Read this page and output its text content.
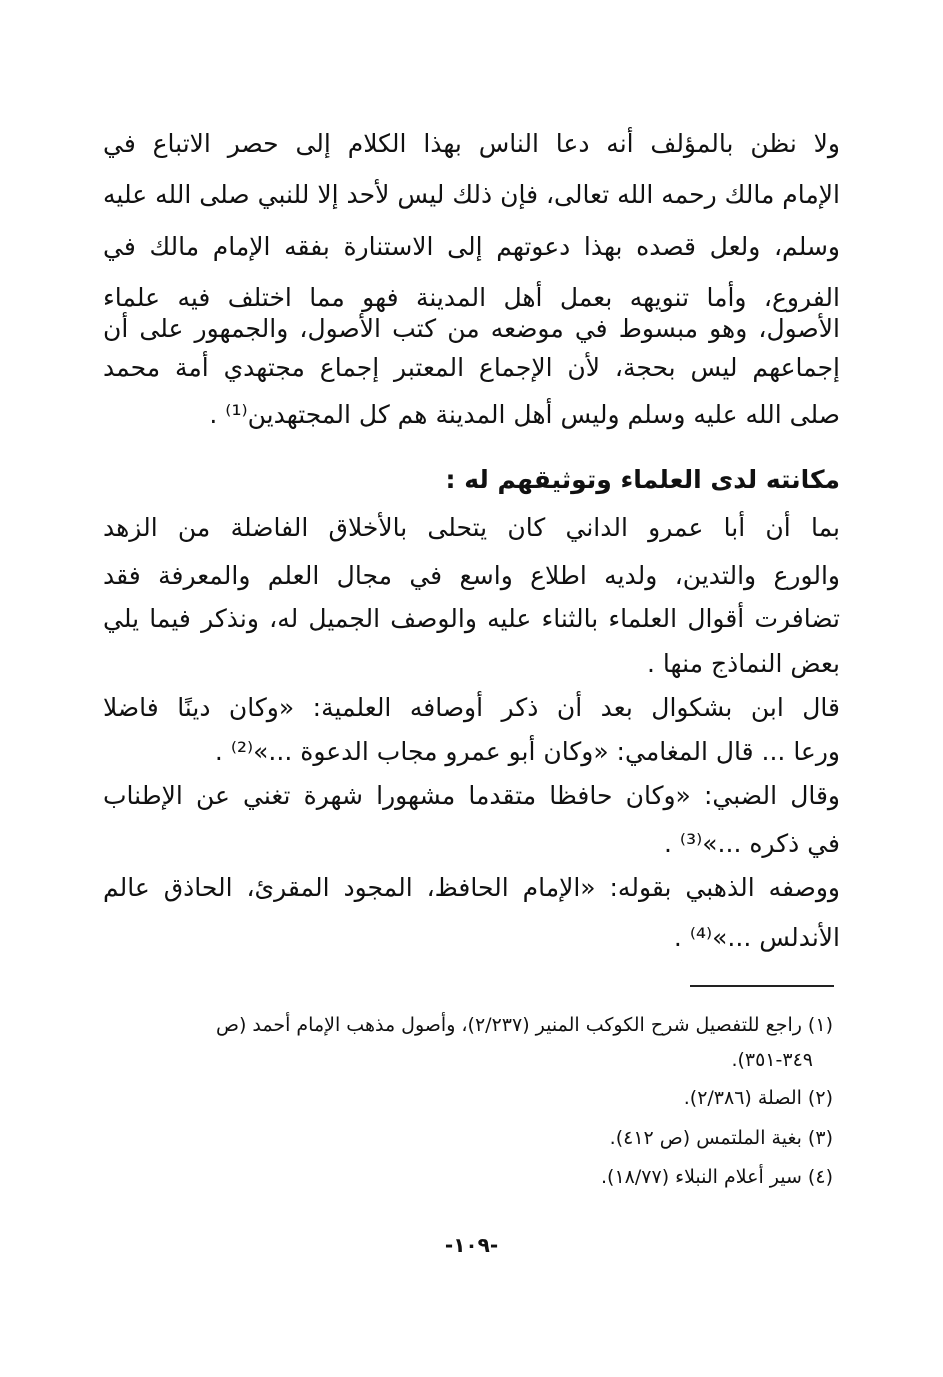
ولا نظن بالمؤلف أنه دعا الناس بهذا الكلام إلى حصر الاتباع في
الإمام مالك رحمه الله تعالى، فإن ذلك ليس لأحد إلا للنبي صلى الله عليه
وسلم، ولعل قصده بهذا دعوتهم إلى الاستنارة بفقه الإمام مالك في
الفروع، وأما تنويهه بعمل أهل المدينة فهو مما اختلف فيه علماء
الأصول، وهو مبسوط في موضعه من كتب الأصول، والجمهور على أن
إجماعهم ليس بحجة، لأن الإجماع المعتبر إجماع مجتهدي أمة محمد
صلى الله عليه وسلم وليس أهل المدينة هم كل المجتهدين⁽¹⁾ .
مكانته لدى العلماء وتوثيقهم له :
بما أن أبا عمرو الداني كان يتحلى بالأخلاق الفاضلة من الزهد
والورع والتدين، ولديه اطلاع واسع في مجال العلم والمعرفة فقد
تضافرت أقوال العلماء بالثناء عليه والوصف الجميل له، ونذكر فيما يلي
بعض النماذج منها .
قال ابن بشكوال بعد أن ذكر أوصافه العلمية: «وكان دينًا فاضلا
ورعا ... قال المغامي: «وكان أبو عمرو مجاب الدعوة ...»⁽²⁾ .
وقال الضبي: «وكان حافظا متقدما مشهورا شهرة تغني عن الإطناب
في ذكره ...»⁽³⁾ .
ووصفه الذهبي بقوله: «الإمام الحافظ، المجود المقرئ، الحاذق عالم
الأندلس ...»⁽⁴⁾ .
(١) راجع للتفصيل شرح الكوكب المنير (٢/٢٣٧)، وأصول مذهب الإمام أحمد (ص
٣٤٩-٣٥١).
(٢) الصلة (٢/٣٨٦).
(٣) بغية الملتمس (ص ٤١٢).
(٤) سير أعلام النبلاء (١٨/٧٧).
-١٠٩-
